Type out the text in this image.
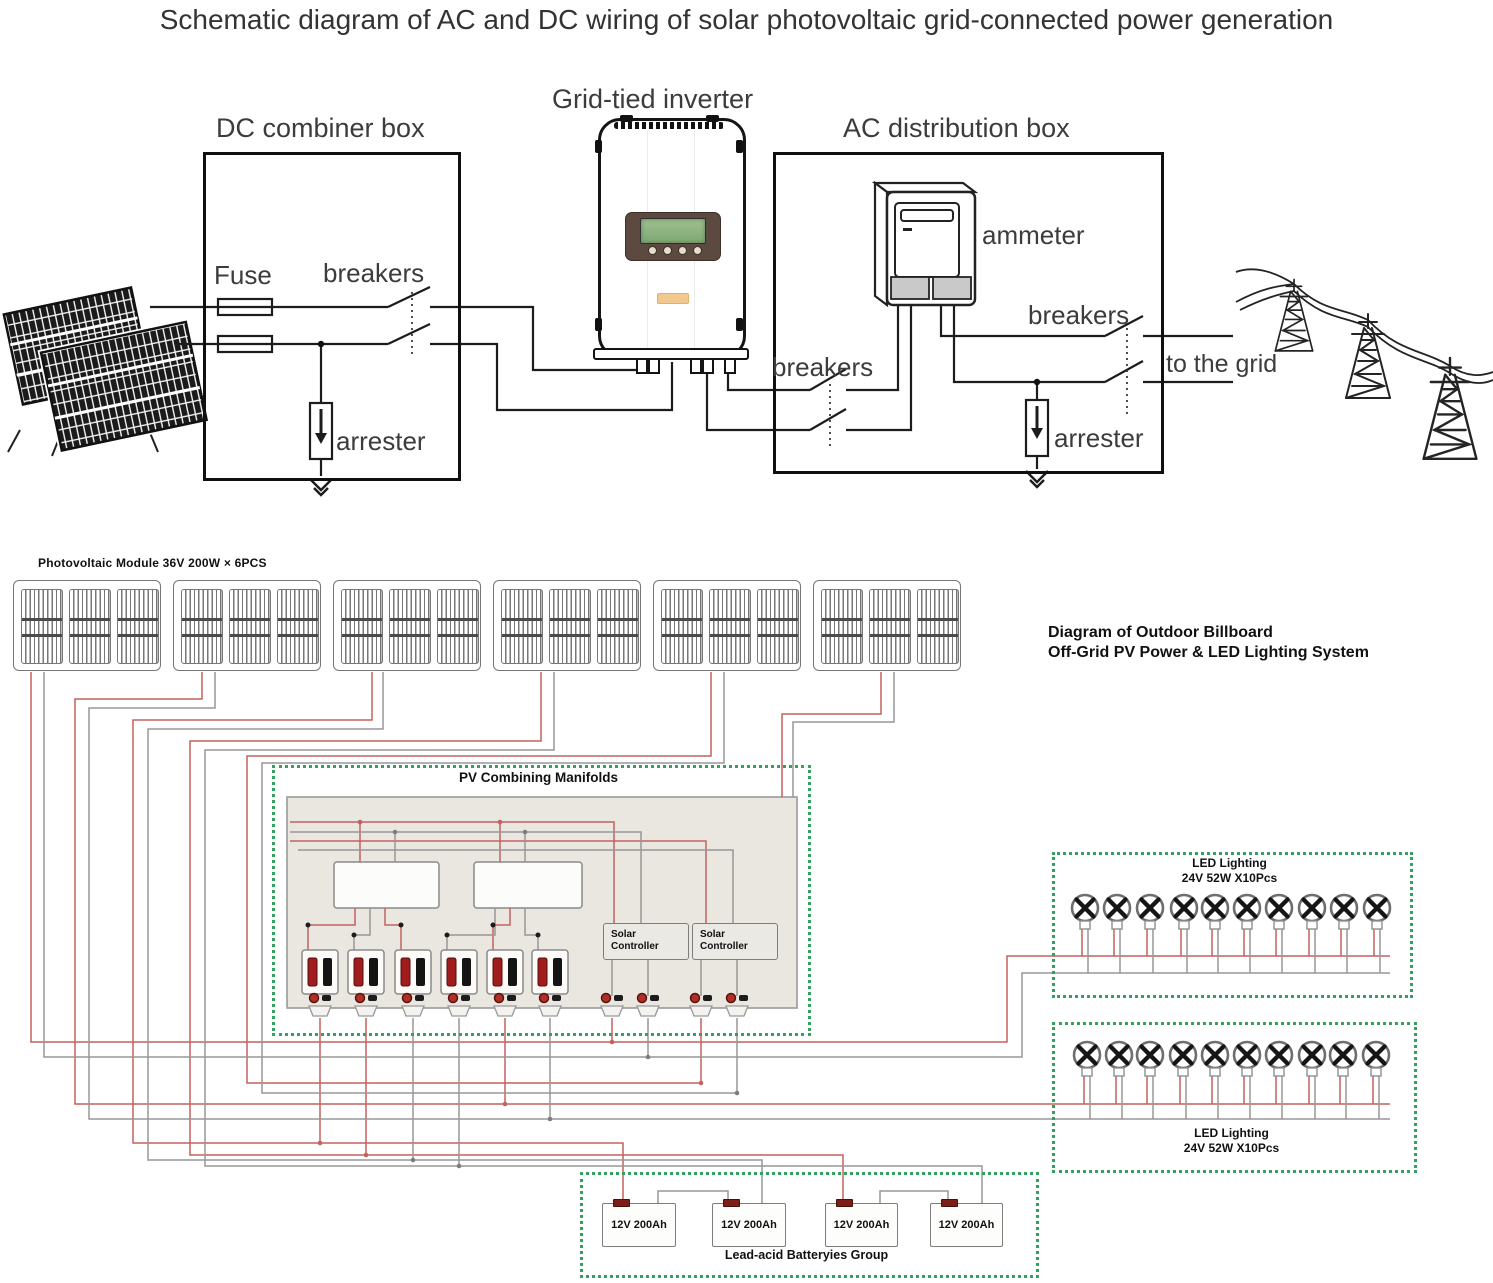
Schematic diagram of AC and DC wiring of solar photovoltaic grid-connected power generation
Grid-tied inverter
DC combiner box	AC distribution box
Fuse breakers
arrester
ammeter
breakers
breakers
arrester
to the grid
Photovoltaic Module 36V 200W × 6PCS
Diagram of Outdoor Billboard
Off-Grid PV Power & LED Lighting System
PV Combining Manifolds
Solar
Controller
Solar
Controller
LED Lighting
24V 52W X10Pcs
LED Lighting
24V 52W X10Pcs
12V 200Ah	12V 200Ah	12V 200Ah	12V 200Ah
Lead-acid Batteryies Group
